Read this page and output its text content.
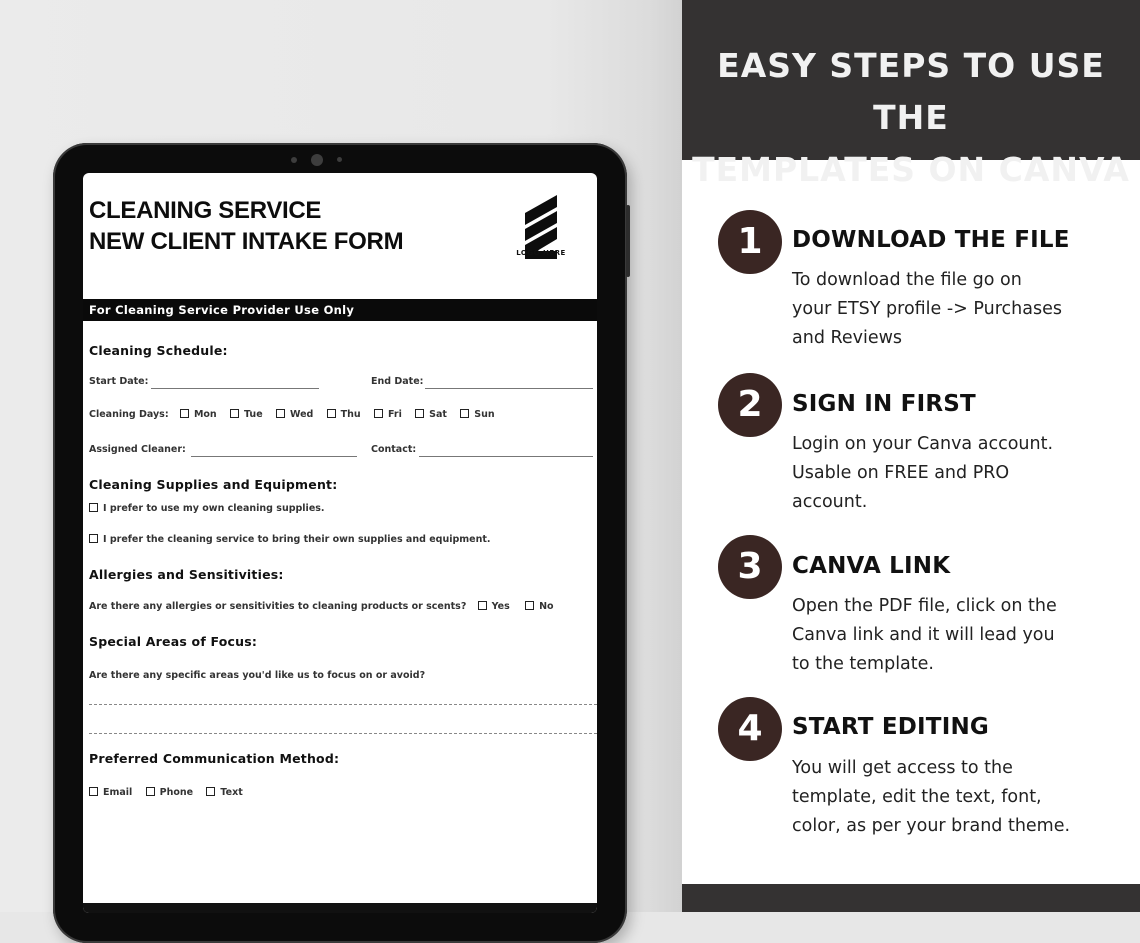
CLEANING SERVICE
NEW CLIENT INTAKE FORM	LOGO HERE
For Cleaning Service Provider Use Only
Cleaning Schedule:
Start Date:	End Date:
Cleaning Days:	Mon	Tue	Wed	Thu	Fri	Sat	Sun
Assigned Cleaner:	Contact:
Cleaning Supplies and Equipment:
I prefer to use my own cleaning supplies.
I prefer the cleaning service to bring their own supplies and equipment.
Allergies and Sensitivities:
Are there any allergies or sensitivities to cleaning products or scents?	Yes	No
Special Areas of Focus:
Are there any specific areas you'd like us to focus on or avoid?
Preferred Communication Method:
Email	Phone	Text
EASY STEPS TO USE THE
TEMPLATES ON CANVA
1	DOWNLOAD THE FILE
To download the file go on
your ETSY profile -> Purchases
and Reviews
2	SIGN IN FIRST
Login on your Canva account.
Usable on FREE and PRO
account.
3	CANVA LINK
Open the PDF file, click on the
Canva link and it will lead you
to the template.
4	START EDITING
You will get access to the
template, edit the text, font,
color, as per your brand theme.
